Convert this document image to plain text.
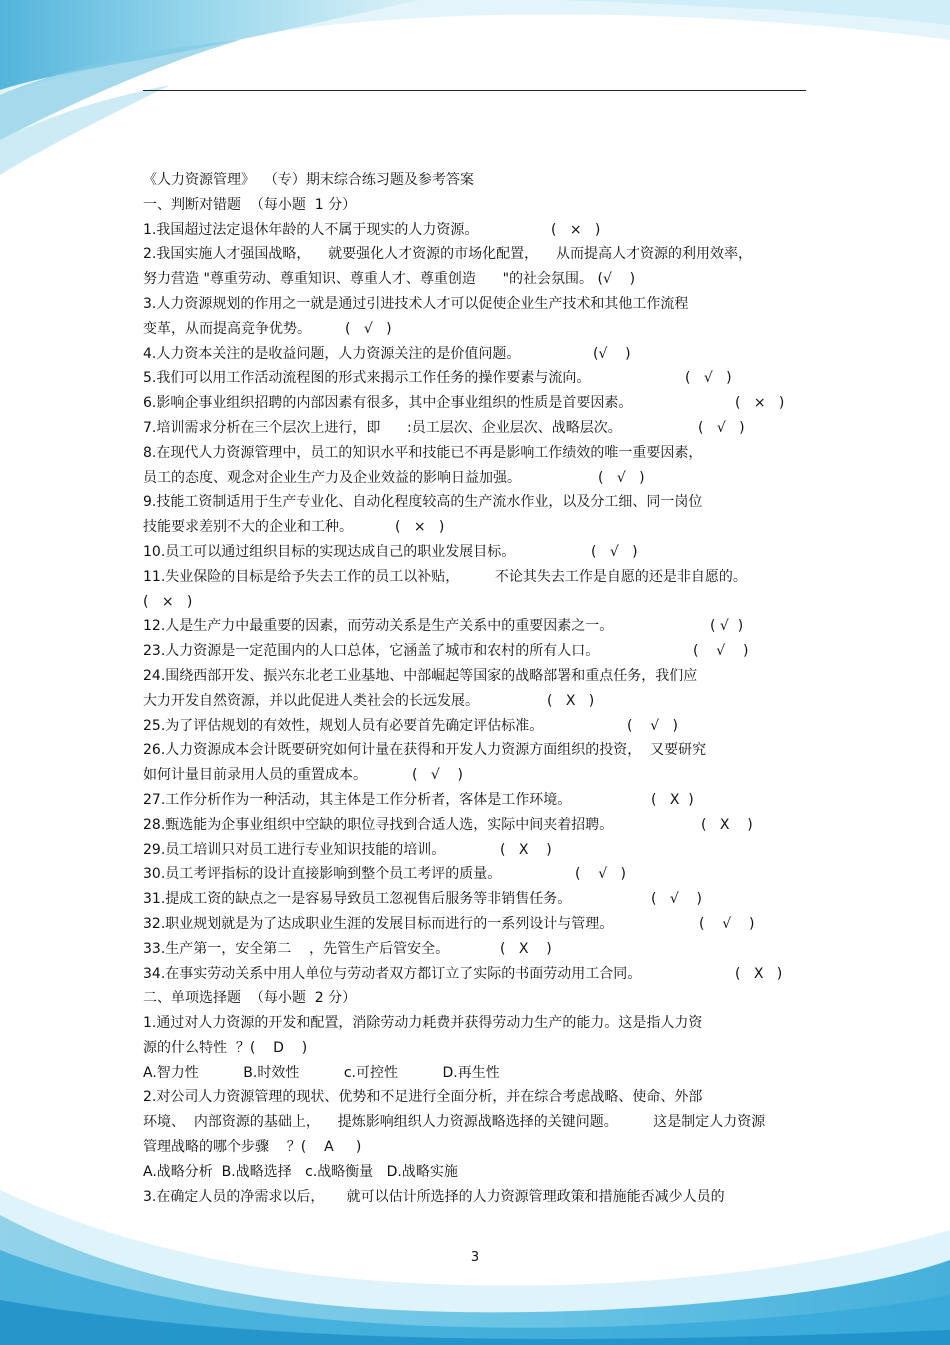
《人力资源管理》  （专）期末综合练习题及参考答案
一、判断对错题  （每小题  1 分）
1.我国超过法定退休年龄的人不属于现实的人力资源。	(   ×   )
2.我国实施人才强国战略，    就要强化人才资源的市场化配置，    从而提高人才资源的利用效率，
努力营造 "尊重劳动、尊重知识、尊重人才、尊重创造      "的社会氛围。 (√    )
3.人力资源规划的作用之一就是通过引进技术人才可以促使企业生产技术和其他工作流程
变革，从而提高竞争优势。 (   √   )
4.人力资本关注的是收益问题，人力资源关注的是价值问题。	(√    )
5.我们可以用工作活动流程图的形式来揭示工作任务的操作要素与流向。	(   √   )
6.影响企事业组织招聘的内部因素有很多，其中企事业组织的性质是首要因素。	(   ×   )
7.培训需求分析在三个层次上进行，即      :员工层次、企业层次、战略层次。	(   √   )
8.在现代人力资源管理中，员工的知识水平和技能已不再是影响工作绩效的唯一重要因素，
员工的态度、观念对企业生产力及企业效益的影响日益加强。	(   √   )
9.技能工资制适用于生产专业化、自动化程度较高的生产流水作业，以及分工细、同一岗位
技能要求差别不大的企业和工种。	(   ×   )
10.员工可以通过组织目标的实现达成自己的职业发展目标。	(   √   )
11.失业保险的目标是给予失去工作的员工以补贴，        不论其失去工作是自愿的还是非自愿的。
(   ×   )
12.人是生产力中最重要的因素，而劳动关系是生产关系中的重要因素之一。	( √  )
23.人力资源是一定范围内的人口总体，它涵盖了城市和农村的所有人口。	(    √    )
24.围绕西部开发、振兴东北老工业基地、中部崛起等国家的战略部署和重点任务，我们应
大力开发自然资源，并以此促进人类社会的长远发展。	(   X   )
25.为了评估规划的有效性，规划人员有必要首先确定评估标准。	(    √   )
26.人力资源成本会计既要研究如何计量在获得和开发人力资源方面组织的投资，  又要研究
如何计量目前录用人员的重置成本。	(   √    )
27.工作分析作为一种活动，其主体是工作分析者，客体是工作环境。	(   X  )
28.甄选能为企事业组织中空缺的职位寻找到合适人选，实际中间夹着招聘。	(   X    )
29.员工培训只对员工进行专业知识技能的培训。	(   X    )
30.员工考评指标的设计直接影响到整个员工考评的质量。	(    √   )
31.提成工资的缺点之一是容易导致员工忽视售后服务等非销售任务。	(   √    )
32.职业规划就是为了达成职业生涯的发展目标而进行的一系列设计与管理。	(    √    )
33.生产第一，安全第二    ，先管生产后管安全。	(   X    )
34.在事实劳动关系中用人单位与劳动者双方都订立了实际的书面劳动用工合同。	(   X   )
二、单项选择题  （每小题  2 分）
1.通过对人力资源的开发和配置，消除劳动力耗费并获得劳动力生产的能力。这是指人力资
源的什么特性  ？(    D    )
A.智力性          B.时效性          c.可控性          D.再生性
2.对公司人力资源管理的现状、优势和不足进行全面分析，并在综合考虑战略、使命、外部
环境、  内部资源的基础上，    提炼影响组织人力资源战略选择的关键问题。        这是制定人力资源
管理战略的哪个步骤    ？(    A     )
A.战略分析  B.战略选择   c.战略衡量   D.战略实施
3.在确定人员的净需求以后，     就可以估计所选择的人力资源管理政策和措施能否减少人员的
3
